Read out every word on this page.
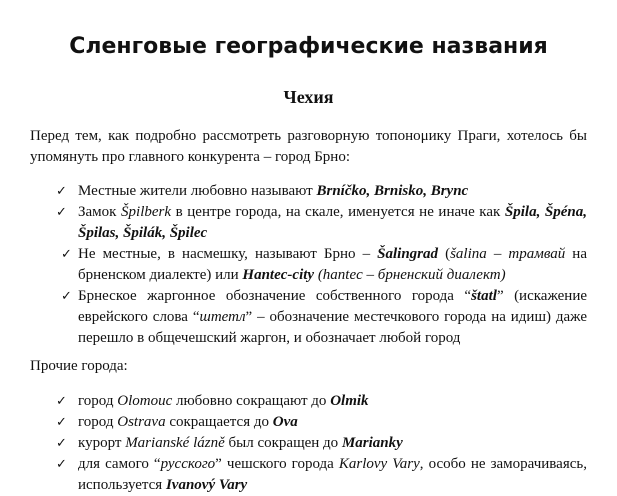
Сленговые географические названия
Чехия
Перед тем, как подробно рассмотреть разговорную топонομику Праги, хотелось бы упомянуть про главного конкурента – город Брно:
✓ Местные жители любовно называют Brníčko, Brnisko, Brync
✓ Замок Špilberk в центре города, на скале, именуется не иначе как Špila, Špéna, Špilas, Špilák, Špilec
✓ Не местные, в насмешку, называют Брно – Šalingrad (šalina – трамвай на брненском диалекте) или Hantec-city (hantec – брненский диалект)
✓ Брнеское жаргонное обозначение собственного города “štatl” (искажение еврейского слова “штетл” – обозначение местечкового города на идиш) даже перешло в общечешский жаргон, и обозначает любой город
Прочие города:
✓ город Olomouc любовно сокращают до Olmik
✓ город Ostrava сокращается до Ova
✓ курорт Marianské lázně был сокращен до Marianky
✓ для самого “русского” чешского города Karlovy Vary, особо не заморачиваясь, используется Ivanový Vary
